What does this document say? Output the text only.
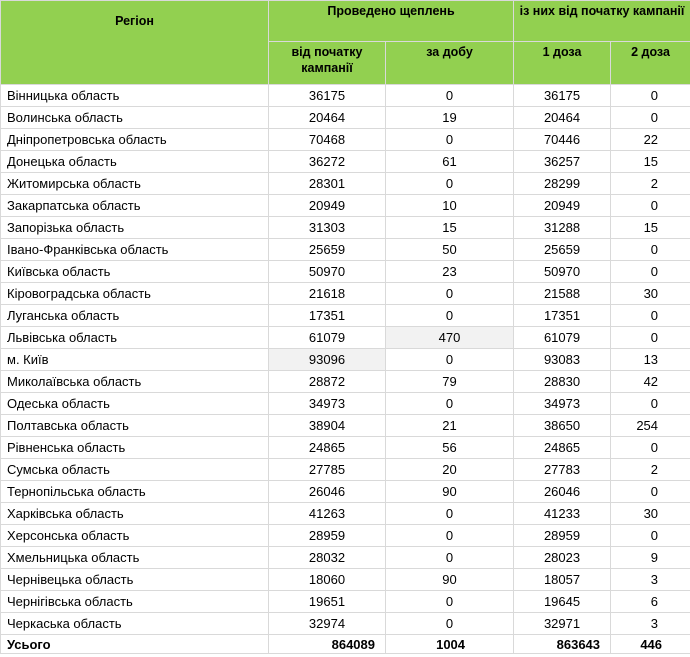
Регіон	Проведено щеплень		із них від початку кампанії	
	від початку кампанії	за добу	1 доза	2 доза
Вінницька область	36175	0	36175	0
Волинська область	20464	19	20464	0
Дніпропетровська область	70468	0	70446	22
Донецька область	36272	61	36257	15
Житомирська область	28301	0	28299	2
Закарпатська область	20949	10	20949	0
Запорізька область	31303	15	31288	15
Івано-Франківська область	25659	50	25659	0
Київська область	50970	23	50970	0
Кіровоградська область	21618	0	21588	30
Луганська область	17351	0	17351	0
Львівська область	61079	470	61079	0
м. Київ	93096	0	93083	13
Миколаївська область	28872	79	28830	42
Одеська область	34973	0	34973	0
Полтавська область	38904	21	38650	254
Рівненська область	24865	56	24865	0
Сумська область	27785	20	27783	2
Тернопільська область	26046	90	26046	0
Харківська область	41263	0	41233	30
Херсонська область	28959	0	28959	0
Хмельницька область	28032	0	28023	9
Чернівецька область	18060	90	18057	3
Чернігівська область	19651	0	19645	6
Черкаська область	32974	0	32971	3
Усього	864089	1004	863643	446
